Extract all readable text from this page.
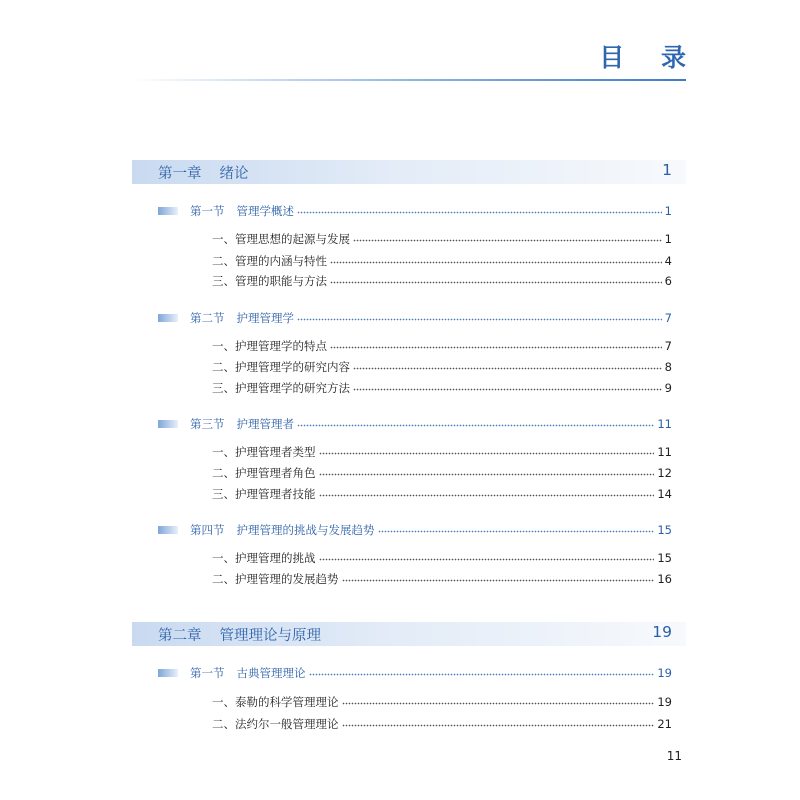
目 录
第一章 绪论	1
第一节 管理学概述	1
一、管理思想的起源与发展	1
二、管理的内涵与特性	4
三、管理的职能与方法	6
第二节 护理管理学	7
一、护理管理学的特点	7
二、护理管理学的研究内容	8
三、护理管理学的研究方法	9
第三节 护理管理者	11
一、护理管理者类型	11
二、护理管理者角色	12
三、护理管理者技能	14
第四节 护理管理的挑战与发展趋势	15
一、护理管理的挑战	15
二、护理管理的发展趋势	16
第二章 管理理论与原理	19
第一节 古典管理理论	19
一、泰勒的科学管理理论	19
二、法约尔一般管理理论	21
11
